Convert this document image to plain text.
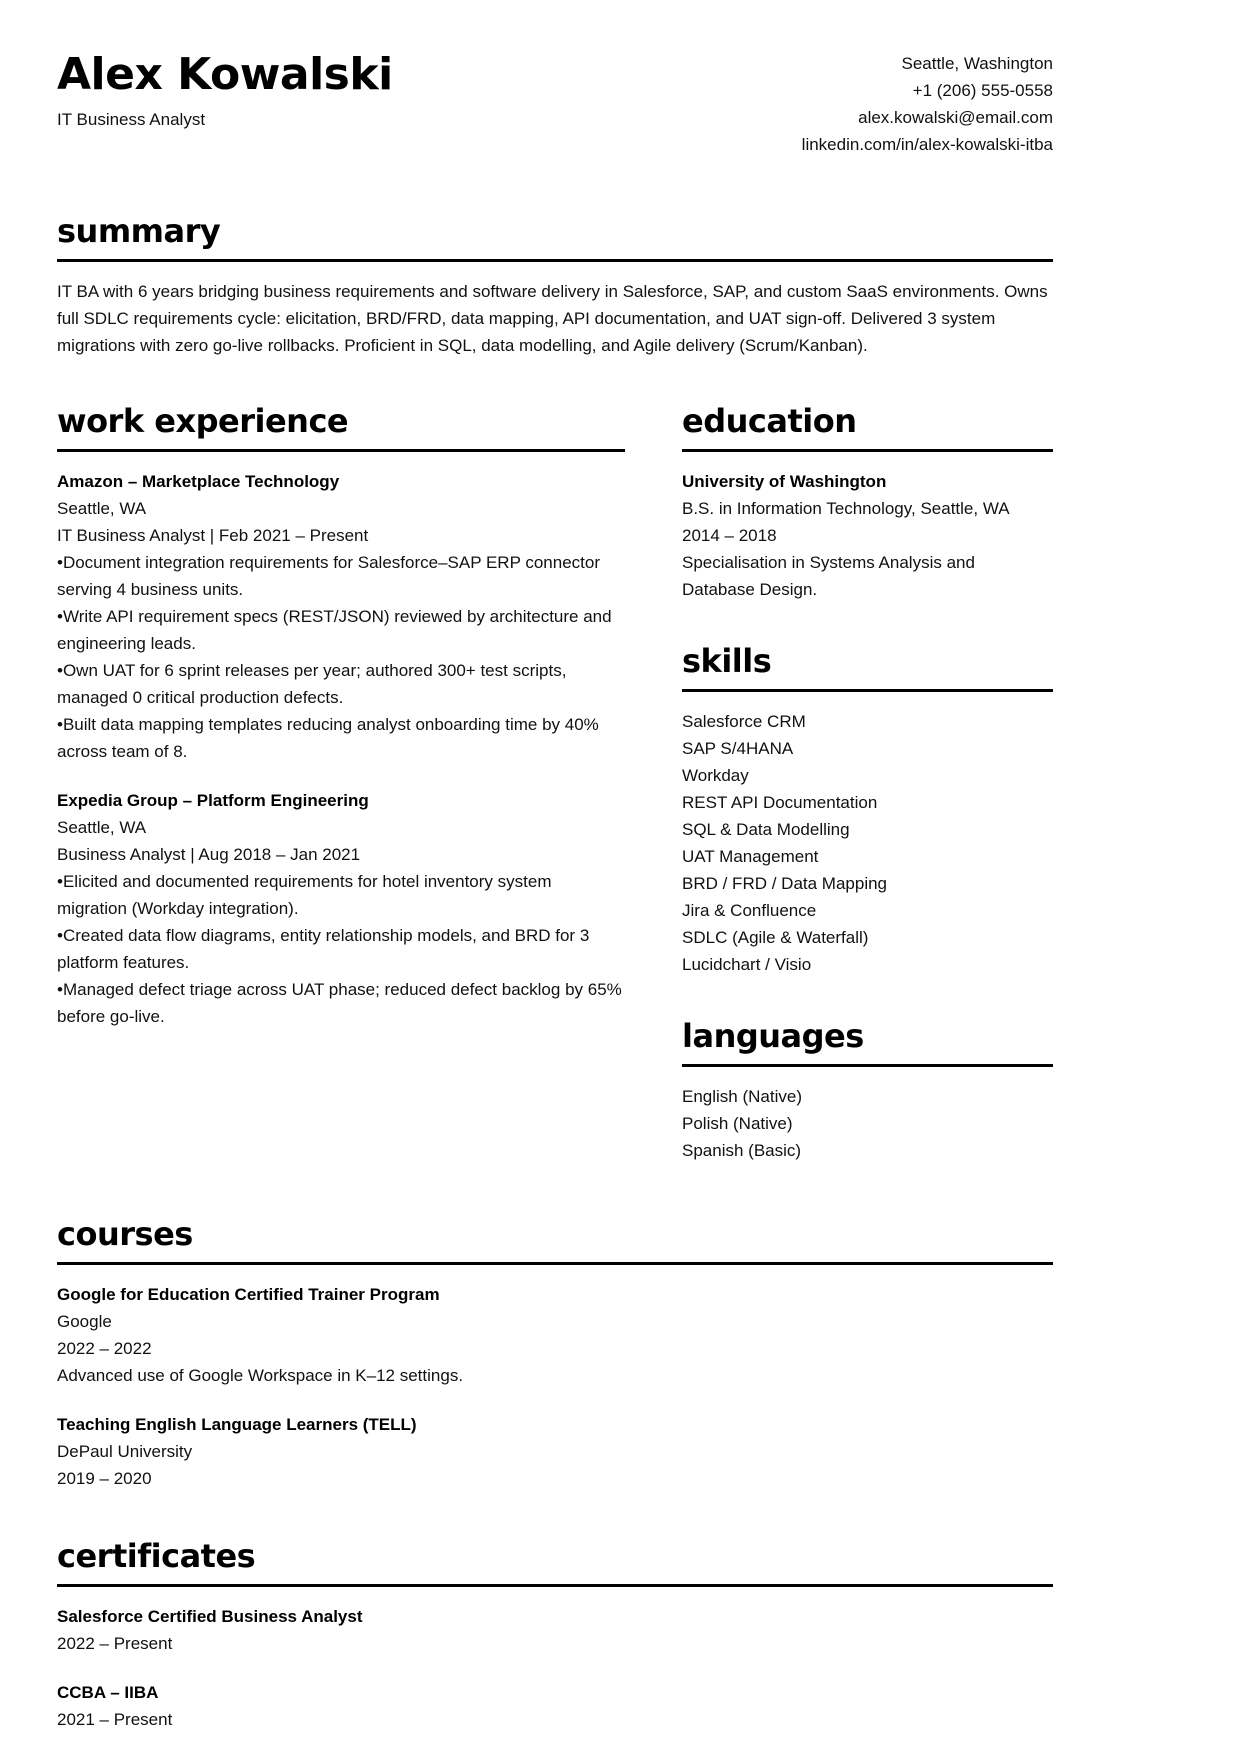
Alex Kowalski
IT Business Analyst
Seattle, Washington
+1 (206) 555-0558
alex.kowalski@email.com
linkedin.com/in/alex-kowalski-itba
summary

IT BA with 6 years bridging business requirements and software delivery in Salesforce, SAP, and custom SaaS environments. Owns full SDLC requirements cycle: elicitation, BRD/FRD, data mapping, API documentation, and UAT sign-off. Delivered 3 system migrations with zero go-live rollbacks. Proficient in SQL, data modelling, and Agile delivery (Scrum/Kanban).

work experience
Amazon – Marketplace Technology
Seattle, WA
IT Business Analyst | Feb 2021 – Present
• Document integration requirements for Salesforce–SAP ERP connector serving 4 business units.
• Write API requirement specs (REST/JSON) reviewed by architecture and engineering leads.
• Own UAT for 6 sprint releases per year; authored 300+ test scripts, managed 0 critical production defects.
• Built data mapping templates reducing analyst onboarding time by 40% across team of 8.
Expedia Group – Platform Engineering
Seattle, WA
Business Analyst | Aug 2018 – Jan 2021
• Elicited and documented requirements for hotel inventory system migration (Workday integration).
• Created data flow diagrams, entity relationship models, and BRD for 3 platform features.
• Managed defect triage across UAT phase; reduced defect backlog by 65% before go-live.
education
University of Washington
B.S. in Information Technology, Seattle, WA
2014 – 2018
Specialisation in Systems Analysis and
Database Design.
skills
Salesforce CRM
SAP S/4HANA
Workday
REST API Documentation
SQL & Data Modelling
UAT Management
BRD / FRD / Data Mapping
Jira & Confluence
SDLC (Agile & Waterfall)
Lucidchart / Visio
languages
English (Native)
Polish (Native)
Spanish (Basic)
courses
Google for Education Certified Trainer Program
Google
2022 – 2022
Advanced use of Google Workspace in K–12 settings.
Teaching English Language Learners (TELL)
DePaul University
2019 – 2020
certificates
Salesforce Certified Business Analyst
2022 – Present
CCBA – IIBA
2021 – Present
